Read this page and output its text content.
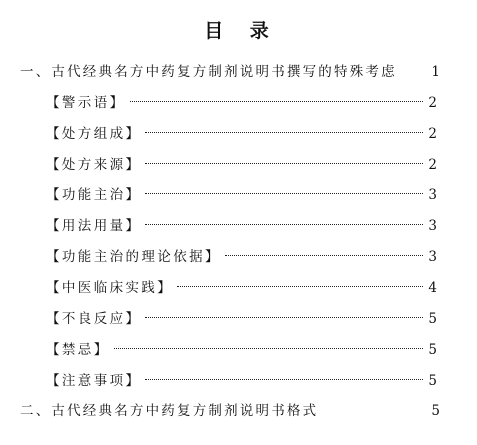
目 录
一、古代经典名方中药复方制剂说明书撰写的特殊考虑	1
【警示语】	2
【处方组成】	2
【处方来源】	2
【功能主治】	3
【用法用量】	3
【功能主治的理论依据】	3
【中医临床实践】	4
【不良反应】	5
【禁忌】	5
【注意事项】	5
二、古代经典名方中药复方制剂说明书格式	5
